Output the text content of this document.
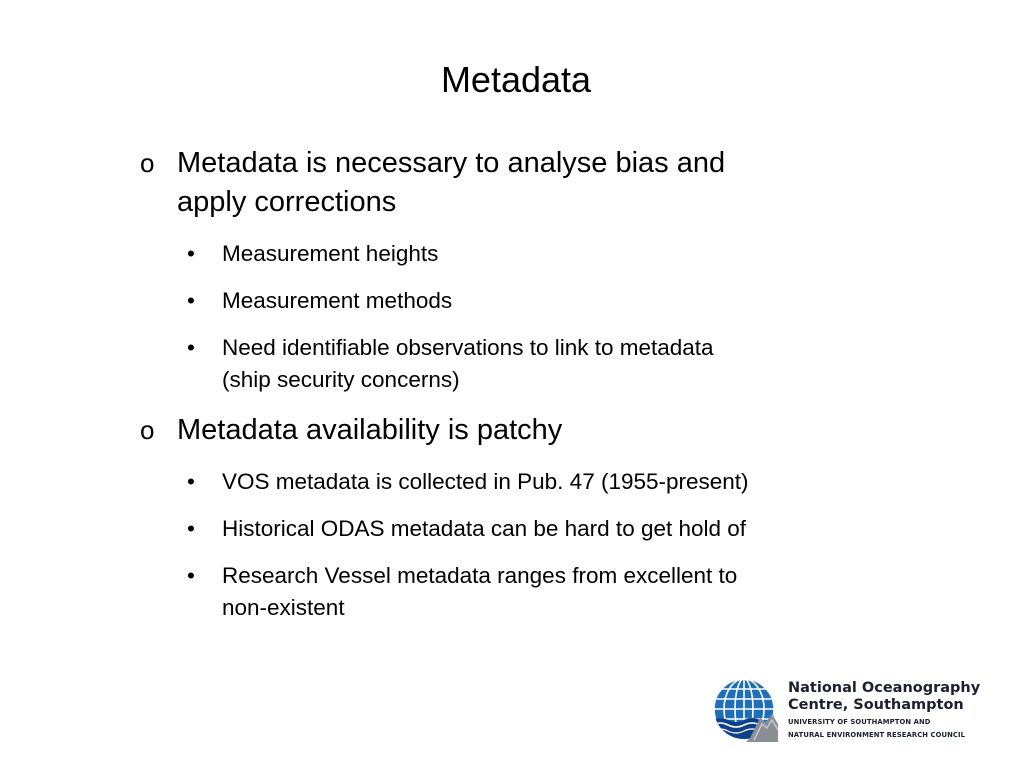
Metadata
o Metadata is necessary to analyse bias and
apply corrections
• Measurement heights
• Measurement methods
• Need identifiable observations to link to metadata
(ship security concerns)
o Metadata availability is patchy
• VOS metadata is collected in Pub. 47 (1955-present)
• Historical ODAS metadata can be hard to get hold of
• Research Vessel metadata ranges from excellent to
non-existent
National Oceanography
Centre, Southampton
UNIVERSITY OF SOUTHAMPTON AND
NATURAL ENVIRONMENT RESEARCH COUNCIL
